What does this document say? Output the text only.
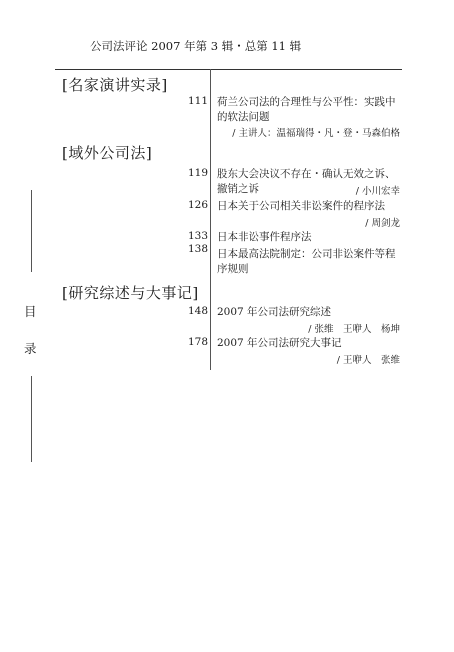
公司法评论 2007 年第 3 辑・总第 11 辑
目
录
[名家演讲实录]
111 荷兰公司法的合理性与公平性：实践中的软法问题
/ 主讲人：温福瑞得・凡・登・马森伯格
[域外公司法]
119 股东大会决议不存在・确认无效之诉、撤销之诉	/ 小川宏幸
126 日本关于公司相关非讼案件的程序法
/ 周剑龙
133 日本非讼事件程序法
138 日本最高法院制定：公司非讼案件等程序规则
[研究综述与大事记]
148 2007 年公司法研究综述
/ 张维　王咿人　杨坤
178 2007 年公司法研究大事记
/ 王咿人　张维
